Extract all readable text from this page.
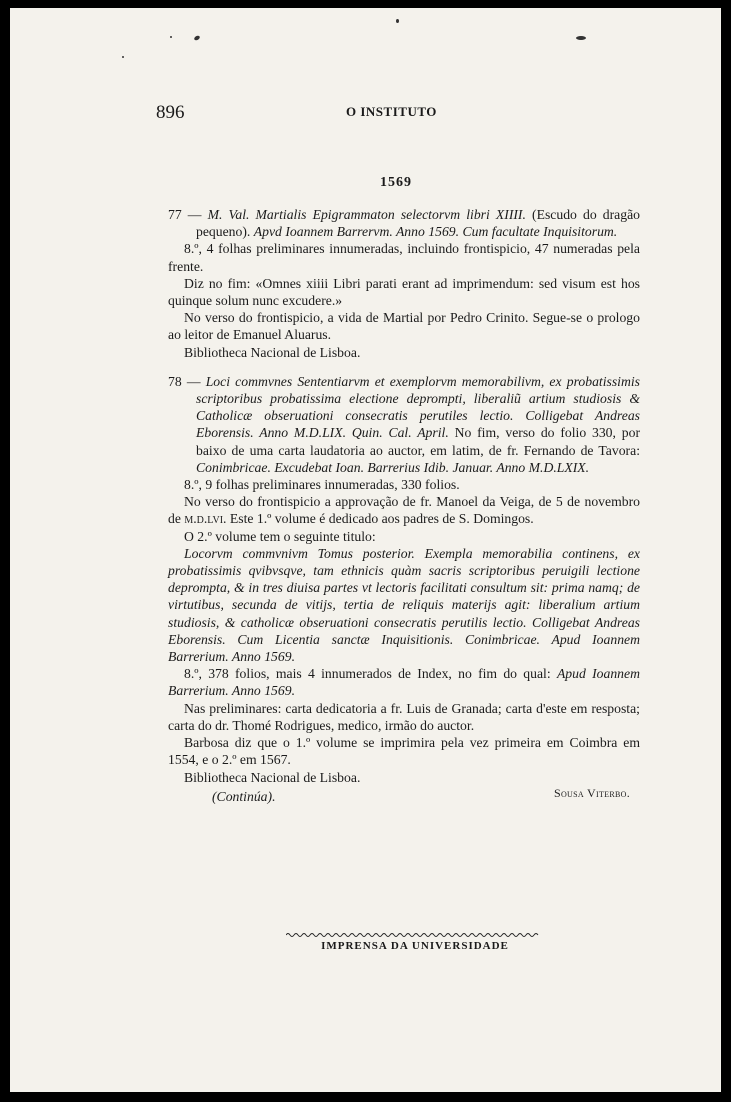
896	O INSTITUTO
1569

77 — M. Val. Martialis Epigrammaton selectorvm libri XIIII. (Escudo do dragão pequeno). Apvd Ioannem Barrervm. Anno 1569. Cum facultate Inquisitorum.

8.º, 4 folhas preliminares innumeradas, incluindo frontispicio, 47 numeradas pela frente.

Diz no fim: «Omnes xiiii Libri parati erant ad imprimendum: sed visum est hos quinque solum nunc excudere.»

No verso do frontispicio, a vida de Martial por Pedro Crinito. Segue-se o prologo ao leitor de Emanuel Aluarus.

Bibliotheca Nacional de Lisboa.

78 — Loci commvnes Sententiarvm et exemplorvm memorabilivm, ex probatissimis scriptoribus probatissima electione deprompti, liberaliũ artium studiosis & Catholicæ obseruationi consecratis perutiles lectio. Colligebat Andreas Eborensis. Anno M.D.LIX. Quin. Cal. April. No fim, verso do folio 330, por baixo de uma carta laudatoria ao auctor, em latim, de fr. Fernando de Tavora: Conimbricae. Excudebat Ioan. Barrerius Idib. Januar. Anno M.D.LXIX.

8.º, 9 folhas preliminares innumeradas, 330 folios.

No verso do frontispicio a approvação de fr. Manoel da Veiga, de 5 de novembro de m.d.lvi. Este 1.º volume é dedicado aos padres de S. Domingos.

O 2.º volume tem o seguinte titulo:

Locorvm commvnivm Tomus posterior. Exempla memorabilia continens, ex probatissimis qvibvsqve, tam ethnicis quàm sacris scriptoribus peruigili lectione deprompta, & in tres diuisa partes vt lectoris facilitati consultum sit: prima namq; de virtutibus, secunda de vitijs, tertia de reliquis materijs agit: liberalium artium studiosis, & catholicæ obseruationi consecratis perutilis lectio. Colligebat Andreas Eborensis. Cum Licentia sanctæ Inquisitionis. Conimbricae. Apud Ioannem Barrerium. Anno 1569.

8.º, 378 folios, mais 4 innumerados de Index, no fim do qual: Apud Ioannem Barrerium. Anno 1569.

Nas preliminares: carta dedicatoria a fr. Luis de Granada; carta d'este em resposta; carta do dr. Thomé Rodrigues, medico, irmão do auctor.

Barbosa diz que o 1.º volume se imprimira pela vez primeira em Coimbra em 1554, e o 2.º em 1567.

Bibliotheca Nacional de Lisboa.

(Continúa).	Sousa Viterbo.
IMPRENSA DA UNIVERSIDADE
